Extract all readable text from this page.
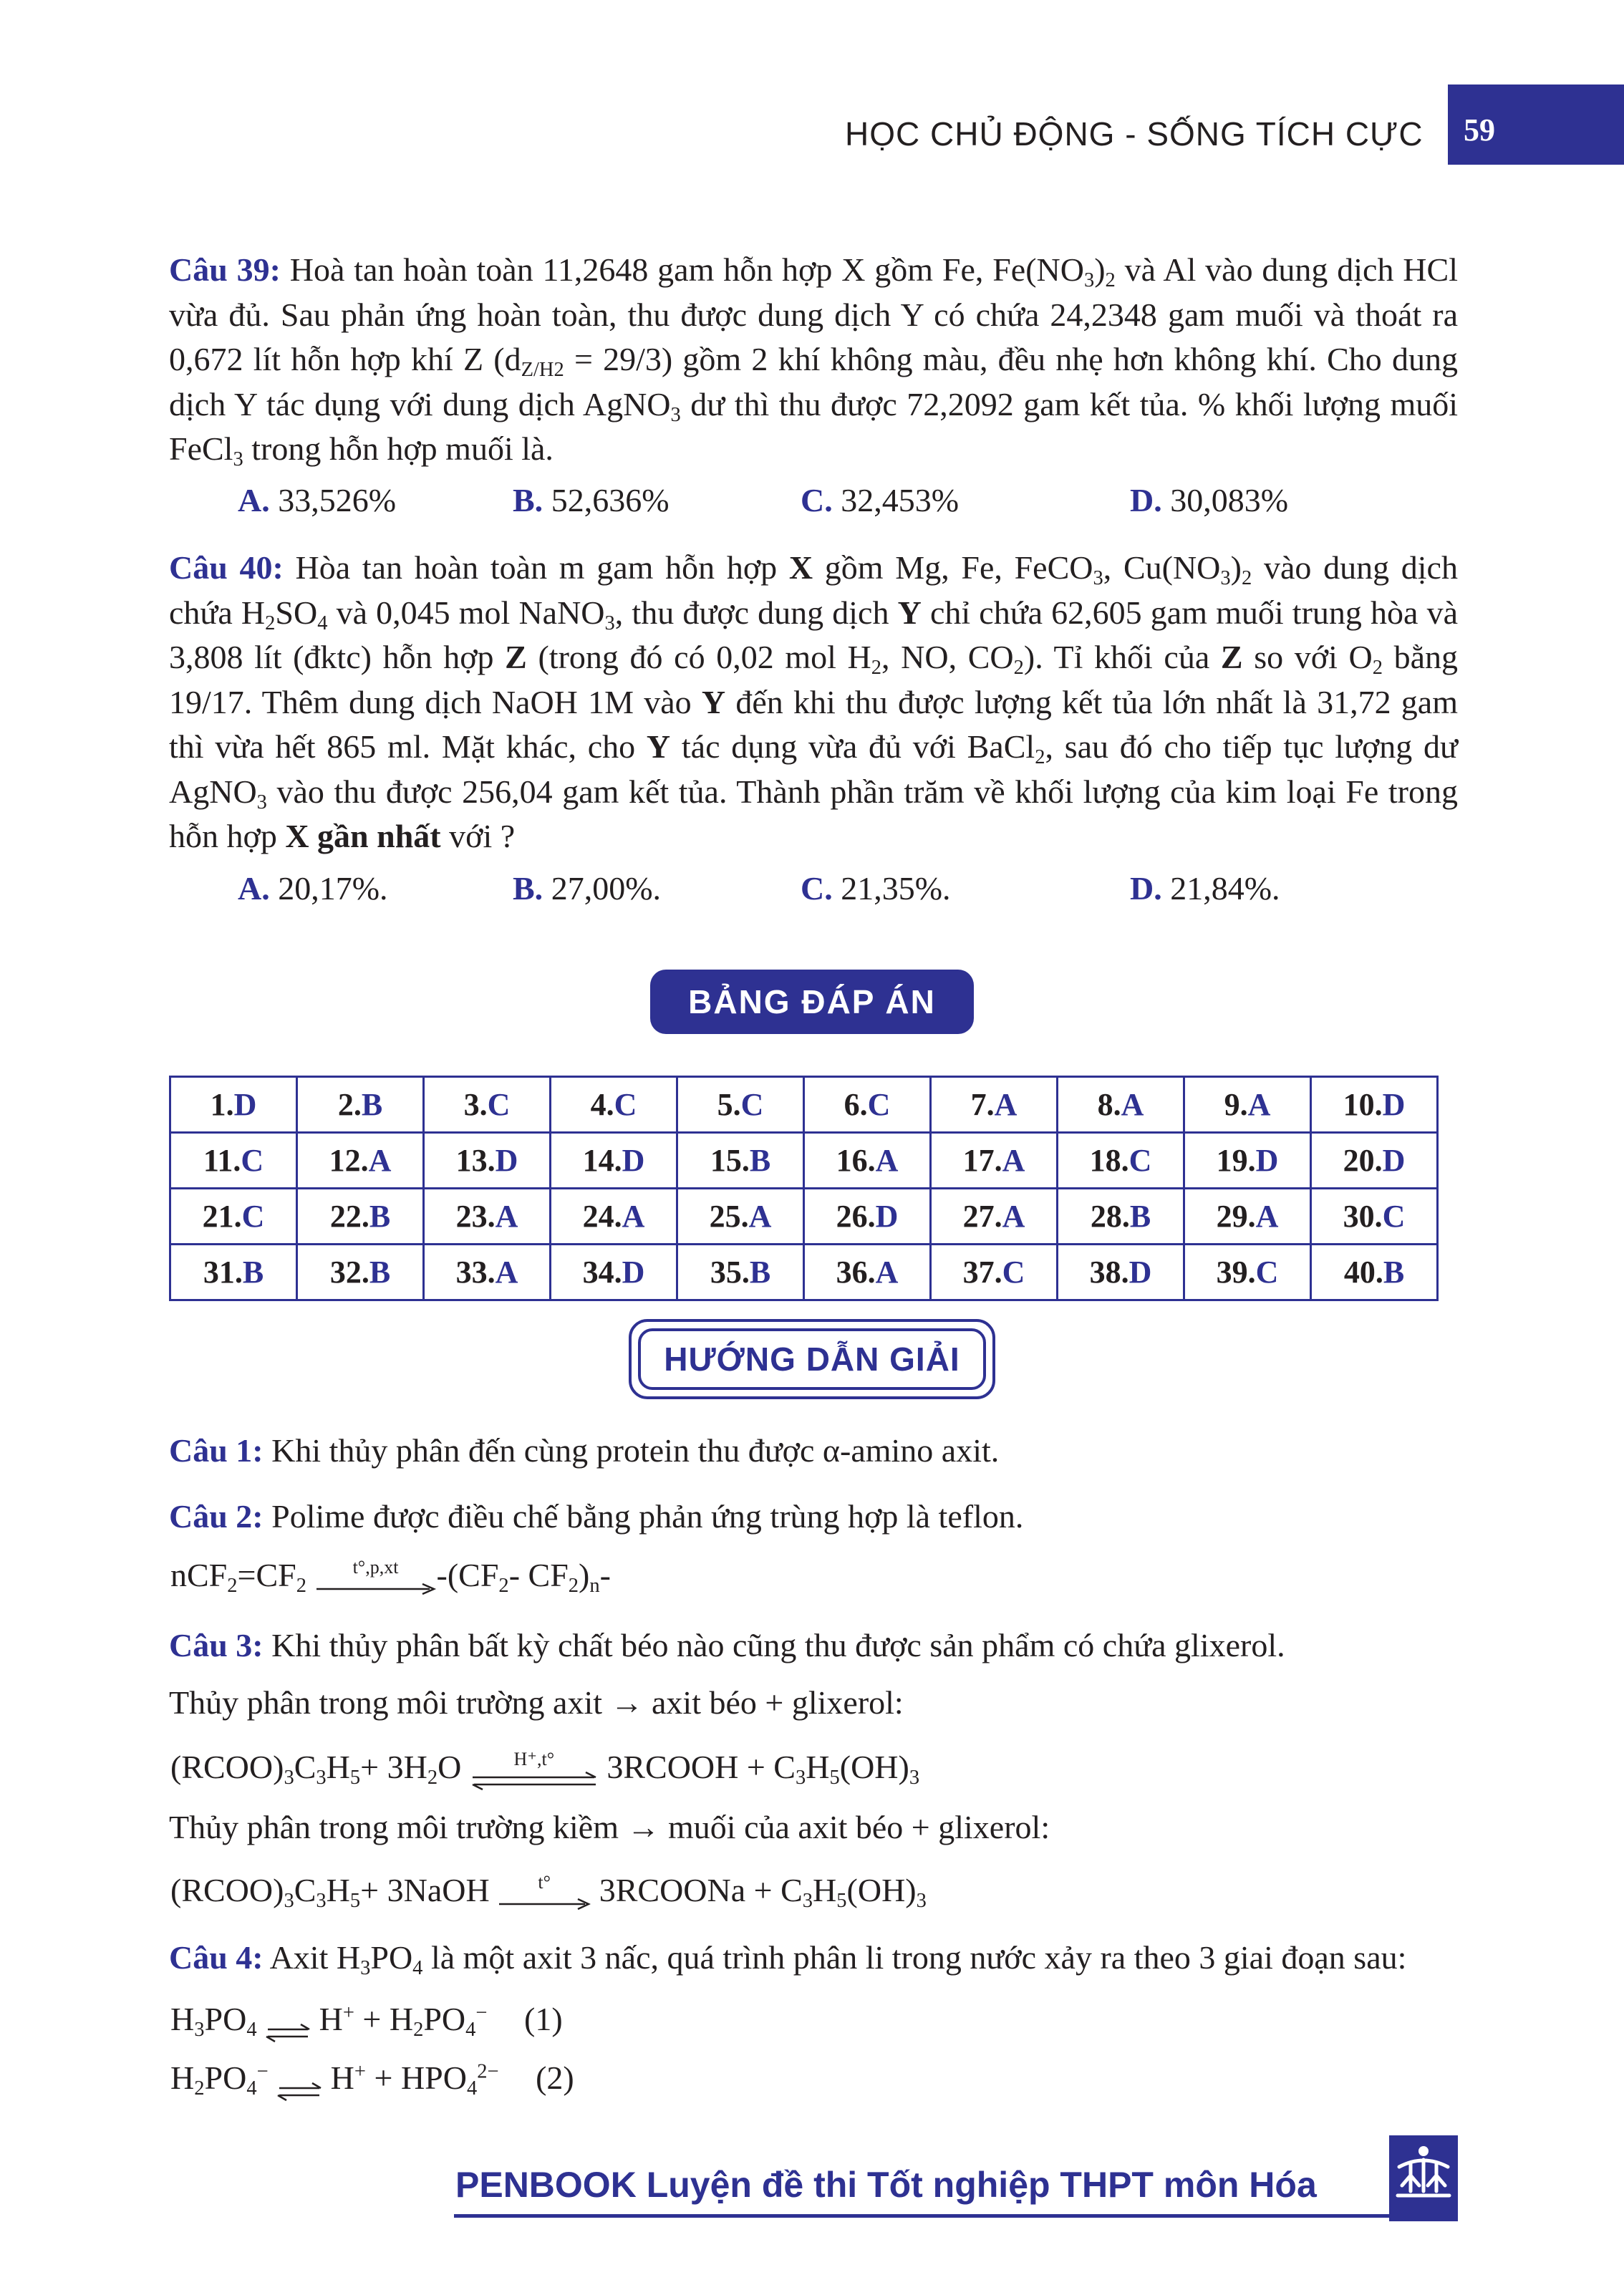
HỌC CHỦ ĐỘNG - SỐNG TÍCH CỰC	59

Câu 39: Hoà tan hoàn toàn 11,2648 gam hỗn hợp X gồm Fe, $Fe(NO_3)_2$ và Al vào dung dịch HCl vừa đủ. Sau phản ứng hoàn toàn, thu được dung dịch Y có chứa 24,2348 gam muối và thoát ra 0,672 lít hỗn hợp khí Z $(d_{Z/H2} = 29/3)$ gồm 2 khí không màu, đều nhẹ hơn không khí. Cho dung dịch Y tác dụng với dung dịch AgNO$_3$ dư thì thu được 72,2092 gam kết tủa. % khối lượng muối FeCl$_3$ trong hỗn hợp muối là.

A. 33,526%	B. 52,636%	C. 32,453%	D. 30,083%

Câu 40: Hòa tan hoàn toàn m gam hỗn hợp X gồm Mg, Fe, FeCO$_3$, $Cu(NO_3)_2$ vào dung dịch chứa $H_2SO_4$ và 0,045 mol NaNO$_3$, thu được dung dịch Y chỉ chứa 62,605 gam muối trung hòa và 3,808 lít (đktc) hỗn hợp Z (trong đó có 0,02 mol $H_2$, NO, $CO_2$). Tỉ khối của Z so với $O_2$ bằng 19/17. Thêm dung dịch NaOH 1M vào Y đến khi thu được lượng kết tủa lớn nhất là 31,72 gam thì vừa hết 865 ml. Mặt khác, cho Y tác dụng vừa đủ với BaCl$_2$, sau đó cho tiếp tục lượng dư AgNO$_3$ vào thu được 256,04 gam kết tủa. Thành phần trăm về khối lượng của kim loại Fe trong hỗn hợp X gần nhất với ?

A. 20,17%.	B. 27,00%.	C. 21,35%.	D. 21,84%.
BẢNG ĐÁP ÁN
1.D	2.B	3.C	4.C	5.C	6.C	7.A	8.A	9.A	10.D
11.C	12.A	13.D	14.D	15.B	16.A	17.A	18.C	19.D	20.D
21.C	22.B	23.A	24.A	25.A	26.D	27.A	28.B	29.A	30.C
31.B	32.B	33.A	34.D	35.B	36.A	37.C	38.D	39.C	40.B
HƯỚNG DẪN GIẢI
Câu 1: Khi thủy phân đến cùng protein thu được α-amino axit.
Câu 2: Polime được điều chế bằng phản ứng trùng hợp là teflon.
$nCF_2=CF_2$
t°,p,xt	$-(CF_2-$ $CF_2)_n-$
Câu 3: Khi thủy phân bất kỳ chất béo nào cũng thu được sản phẩm có chứa glixerol.
Thủy phân trong môi trường axit → axit béo + glixerol:
$(RCOO)_3C_3H_5+ 3H_2O$	H⁺,t°	3RCOOH + $C_3H_5(OH)_3$
Thủy phân trong môi trường kiềm → muối của axit béo + glixerol:
$(RCOO)_3C_3H_5+$ 3NaOH	t°	3RCOONa + $C_3H_5(OH)_3$
Câu 4: Axit $H_3PO_4$ là một axit 3 nấc, quá trình phân li trong nước xảy ra theo 3 giai đoạn sau:
$H_3PO_4$ ⇌ $H^+ + H_2PO_4^-$ (1)
$H_2PO_4^-$ ⇌ $H^+ + HPO_4^{2-}$ (2)
PENBOOK Luyện đề thi Tốt nghiệp THPT môn Hóa
